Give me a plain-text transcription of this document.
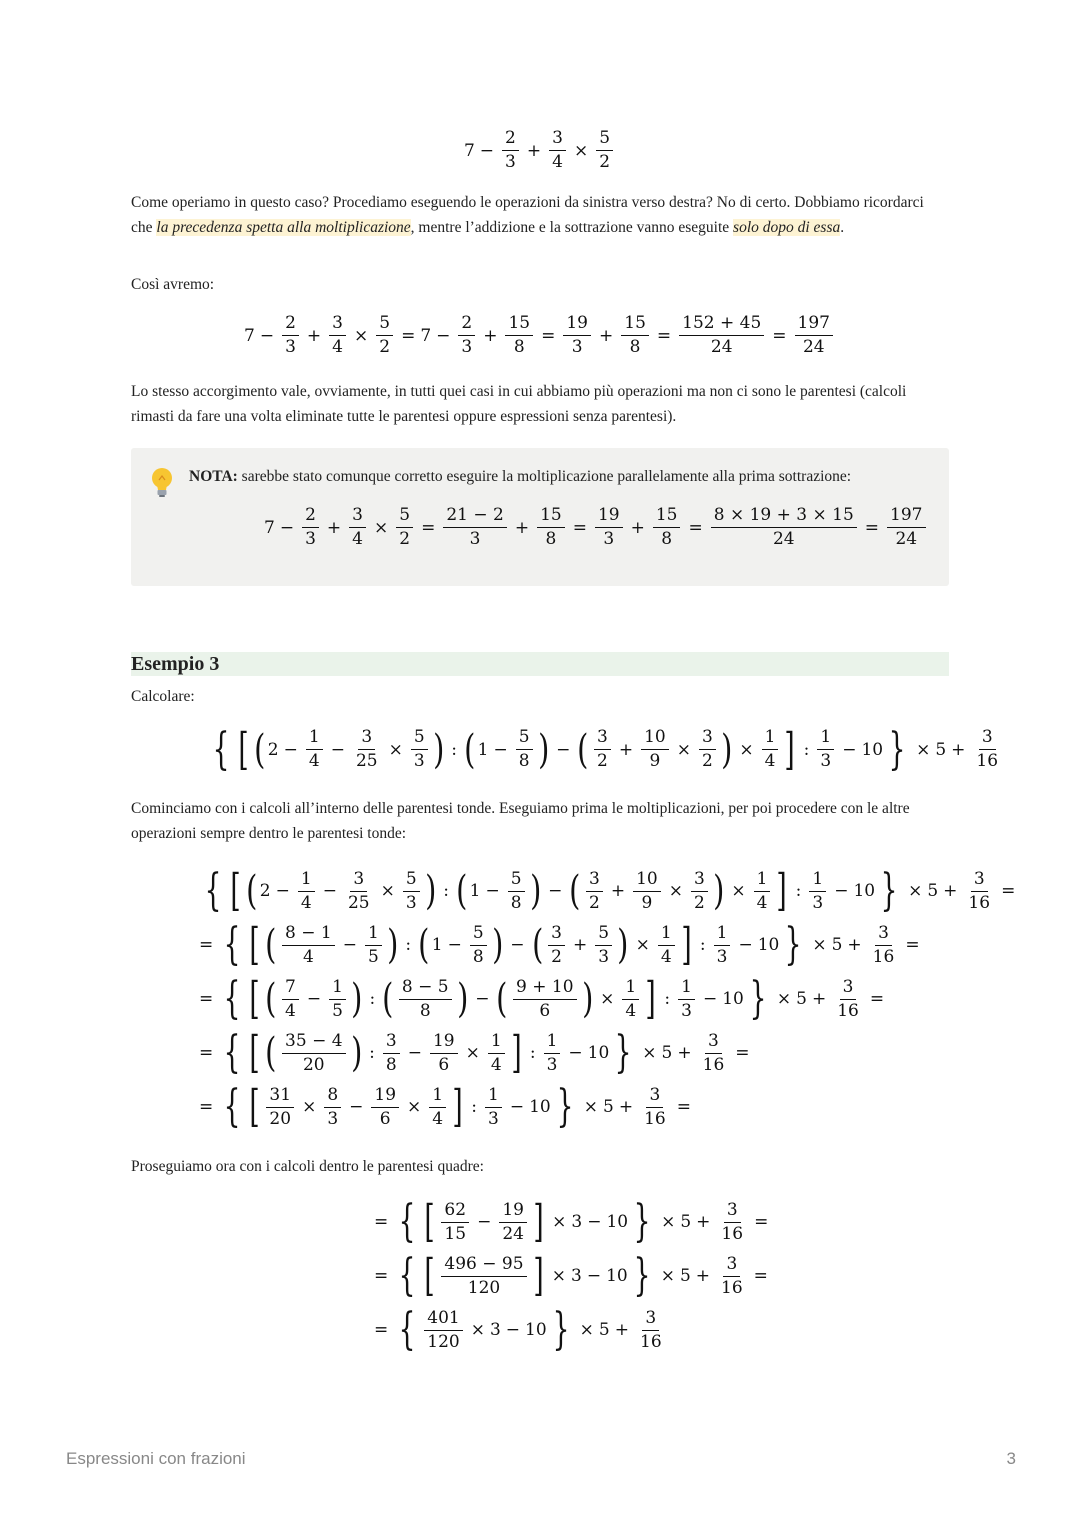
$7 - \frac{2}{3} + \frac{3}{4} \times \frac{5}{2}$

Come operiamo in questo caso? Procediamo eseguendo le operazioni da sinistra verso destra? No di certo. Dobbiamo ricordarci che la precedenza spetta alla moltiplicazione, mentre l’addizione e la sottrazione vanno eseguite solo dopo di essa.

Così avremo:

$7 - \frac{2}{3} + \frac{3}{4} \times \frac{5}{2} = 7 - \frac{2}{3} + \frac{15}{8} = \frac{19}{3} + \frac{15}{8} = \frac{152 + 45}{24} = \frac{197}{24}$

Lo stesso accorgimento vale, ovviamente, in tutti quei casi in cui abbiamo più operazioni ma non ci sono le parentesi (calcoli rimasti da fare una volta eliminate tutte le parentesi oppure espressioni senza parentesi).

NOTA: sarebbe stato comunque corretto eseguire la moltiplicazione parallelamente alla prima sottrazione:

$7 - \frac{2}{3} + \frac{3}{4} \times \frac{5}{2} = \frac{21 - 2}{3} + \frac{15}{8} = \frac{19}{3} + \frac{15}{8} = \frac{8 \times 19 + 3 \times 15}{24} = \frac{197}{24}$
Esempio 3

Calcolare:

{ [ ( $2 - \frac{1}{4} - \frac{3}{25} \times \frac{5}{3}$ ) : ( $1 - \frac{5}{8}$ ) − ( $\frac{3}{2} + \frac{10}{9} \times \frac{3}{2}$ ) × $\frac{1}{4}$ ] : $\frac{1}{3} - 10$ } × $5 + \frac{3}{16}$

Cominciamo con i calcoli all’interno delle parentesi tonde. Eseguiamo prima le moltiplicazioni, per poi procedere con le altre operazioni sempre dentro le parentesi tonde:

{ [ ( $2 - \frac{1}{4} - \frac{3}{25} \times \frac{5}{3}$ ) : ( $1 - \frac{5}{8}$ ) − ( $\frac{3}{2} + \frac{10}{9} \times \frac{3}{2}$ ) × $\frac{1}{4}$ ] : $\frac{1}{3} - 10$ } × $5 + \frac{3}{16}$ =
= { [ ( $\frac{8 - 1}{4} - \frac{1}{5}$ ) : ( $1 - \frac{5}{8}$ ) − ( $\frac{3}{2} + \frac{5}{3}$ ) × $\frac{1}{4}$ ] : $\frac{1}{3} - 10$ } × $5 + \frac{3}{16}$ =
= { [ ( $\frac{7}{4} - \frac{1}{5}$ ) : ( $\frac{8 - 5}{8}$ ) − ( $\frac{9 + 10}{6}$ ) × $\frac{1}{4}$ ] : $\frac{1}{3} - 10$ } × $5 + \frac{3}{16}$ =
= { [ ( $\frac{35 - 4}{20}$ ) : $\frac{3}{8} - \frac{19}{6} \times \frac{1}{4}$ ] : $\frac{1}{3} - 10$ } × $5 + \frac{3}{16}$ =
= { [ $\frac{31}{20} \times \frac{8}{3} - \frac{19}{6} \times \frac{1}{4}$ ] : $\frac{1}{3} - 10$ } × $5 + \frac{3}{16}$ =

Proseguiamo ora con i calcoli dentro le parentesi quadre:

= { [ $\frac{62}{15} - \frac{19}{24}$ ] × 3 − 10 } × $5 + \frac{3}{16}$ =
= { [ $\frac{496 - 95}{120}$ ] × 3 − 10 } × $5 + \frac{3}{16}$ =
= { $\frac{401}{120} \times 3 - 10$ } × $5 + \frac{3}{16}$
Espressioni con frazioni	3
